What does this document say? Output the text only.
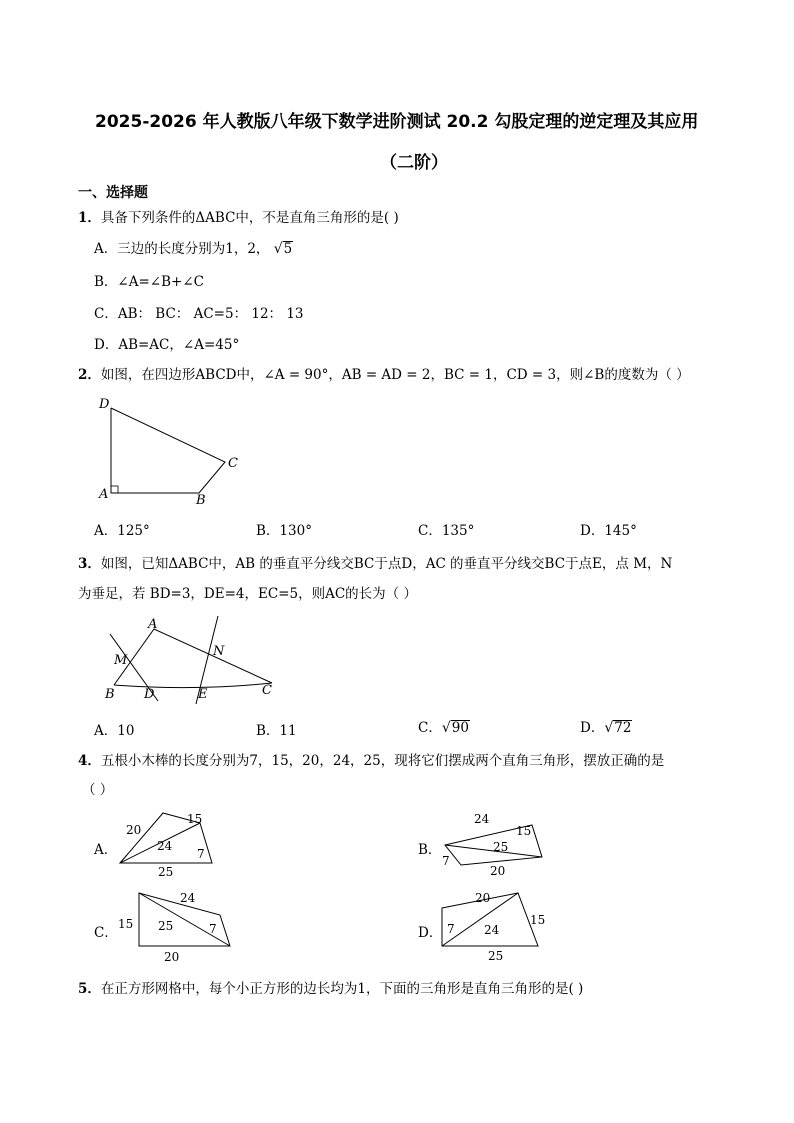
2025-2026 年人教版八年级下数学进阶测试 20.2 勾股定理的逆定理及其应用
（二阶）
一、选择题
1．具备下列条件的ΔABC中，不是直角三角形的是( )
A．三边的长度分别为1，2， √5
B．∠A=∠B+∠C
C．AB： BC： AC=5： 12： 13
D．AB=AC，∠A=45°
2．如图，在四边形ABCD中，∠A = 90°，AB = AD = 2，BC = 1，CD = 3，则∠B的度数为（ ）
D
C
A	B
A．125°	B．130°	C．135°	D．145°
3．如图，已知ΔABC中，AB 的垂直平分线交BC于点D，AC 的垂直平分线交BC于点E，点 M，N
为垂足，若 BD=3，DE=4，EC=5，则AC的长为（ ）
A
M
N
B D	E	C
A．10	B．11	C．√90	D．√72
4．五根小木棒的长度分别为7，15，20，24，25，现将它们摆成两个直角三角形，摆放正确的是
（ ）
A．
20
15
24
7
25
B．
24
15
25
7
20
C．
24
15 25	7
20
D．
20
15
7 24
25
5．在正方形网格中，每个小正方形的边长均为1，下面的三角形是直角三角形的是( )
